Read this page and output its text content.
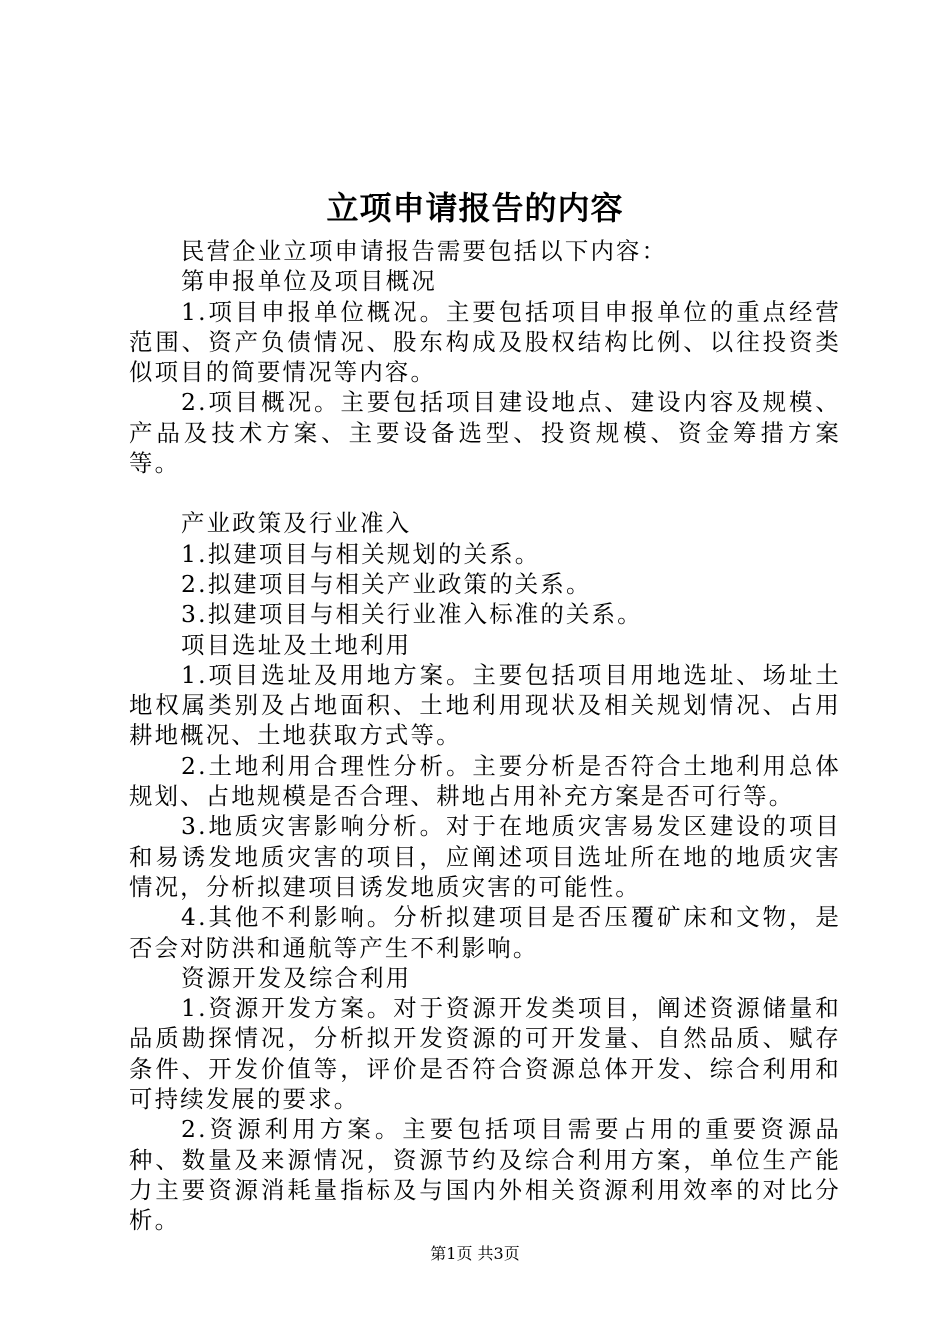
立项申请报告的内容

民营企业立项申请报告需要包括以下内容：

第申报单位及项目概况

1.项目申报单位概况。主要包括项目申报单位的重点经营范围、资产负债情况、股东构成及股权结构比例、以往投资类似项目的简要情况等内容。

2.项目概况。主要包括项目建设地点、建设内容及规模、产品及技术方案、主要设备选型、投资规模、资金筹措方案等。

产业政策及行业准入

1.拟建项目与相关规划的关系。

2.拟建项目与相关产业政策的关系。

3.拟建项目与相关行业准入标准的关系。

项目选址及土地利用

1.项目选址及用地方案。主要包括项目用地选址、场址土地权属类别及占地面积、土地利用现状及相关规划情况、占用耕地概况、土地获取方式等。

2.土地利用合理性分析。主要分析是否符合土地利用总体规划、占地规模是否合理、耕地占用补充方案是否可行等。

3.地质灾害影响分析。对于在地质灾害易发区建设的项目和易诱发地质灾害的项目，应阐述项目选址所在地的地质灾害情况，分析拟建项目诱发地质灾害的可能性。

4.其他不利影响。分析拟建项目是否压覆矿床和文物，是否会对防洪和通航等产生不利影响。

资源开发及综合利用

1.资源开发方案。对于资源开发类项目，阐述资源储量和品质勘探情况，分析拟开发资源的可开发量、自然品质、赋存条件、开发价值等，评价是否符合资源总体开发、综合利用和可持续发展的要求。

2.资源利用方案。主要包括项目需要占用的重要资源品种、数量及来源情况，资源节约及综合利用方案，单位生产能力主要资源消耗量指标及与国内外相关资源利用效率的对比分析。

第1页 共3页
